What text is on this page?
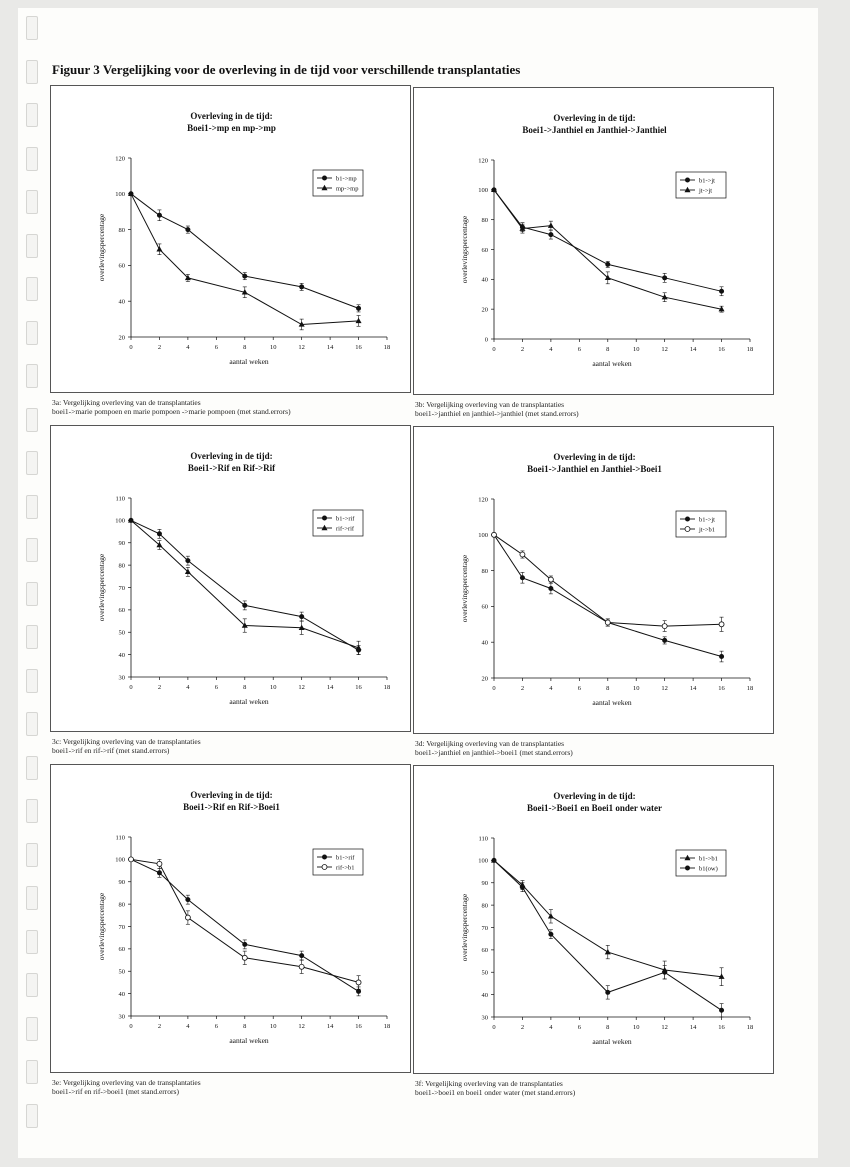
Figuur 3 Vergelijking voor de overleving in de tijd voor verschillende transplantaties
Overleving in de tijd:
Boei1->mp en mp->mp
20
40
60
80
100
120
0	2	4	6	8	10	12	14	16	18
aantal weken
overlevingspercentage
b1->mp
mp->mp
3a: Vergelijking overleving van de transplantaties
boei1->marie pompoen en marie pompoen ->marie pompoen (met stand.errors)
Overleving in de tijd:
Boei1->Janthiel en Janthiel->Janthiel
0
20
40
60
80
100
120
0	2	4	6	8	10	12	14	16	18
aantal weken
overlevingspercentage
b1->jt
jt->jt
3b: Vergelijking overleving van de transplantaties
boei1->janthiel en janthiel->janthiel (met stand.errors)
Overleving in de tijd:
Boei1->Rif en Rif->Rif
30
40
50
60
70
80
90
100
110
0	2	4	6	8	10	12	14	16	18
aantal weken
overlevingspercentage
b1->rif
rif->rif
3c: Vergelijking overleving van de transplantaties
boei1->rif en rif->rif (met stand.errors)
Overleving in de tijd:
Boei1->Janthiel en Janthiel->Boei1
20
40
60
80
100
120
0	2	4	6	8	10	12	14	16	18
aantal weken
overlevingspercentage
b1->jt
jt->b1
3d: Vergelijking overleving van de transplantaties
boei1->janthiel en janthiel->boei1 (met stand.errors)
Overleving in de tijd:
Boei1->Rif en Rif->Boei1
30
40
50
60
70
80
90
100
110
0	2	4	6	8	10	12	14	16	18
aantal weken
overlevingspercentage
b1->rif
rif->b1
3e: Vergelijking overleving van de transplantaties
boei1->rif en rif->boei1 (met stand.errors)
Overleving in de tijd:
Boei1->Boei1 en Boei1 onder water
30
40
50
60
70
80
90
100
110
0	2	4	6	8	10	12	14	16	18
aantal weken
overlevingspercentage
b1->b1
b1(ow)
3f: Vergelijking overleving van de transplantaties
boei1->boei1 en boei1 onder water (met stand.errors)
